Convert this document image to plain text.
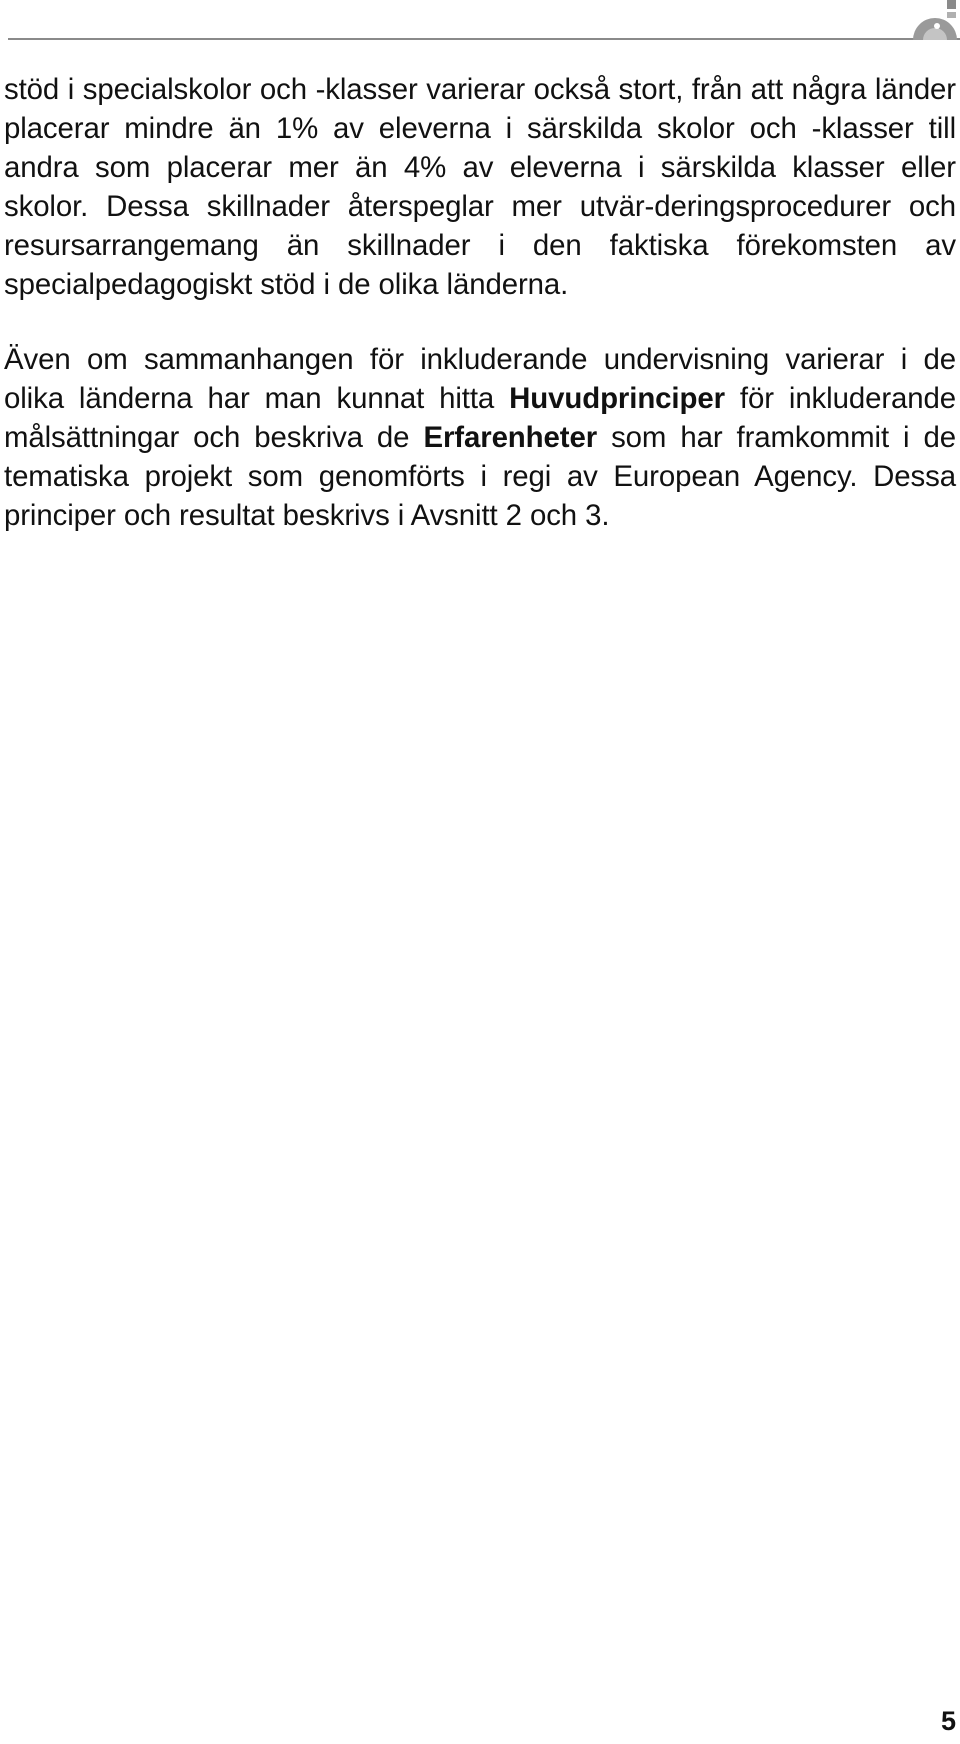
stöd i specialskolor och -klasser varierar också stort, från att några länder placerar mindre än 1% av eleverna i särskilda skolor och -klasser till andra som placerar mer än 4% av eleverna i särskilda klasser eller skolor. Dessa skillnader återspeglar mer utvär-deringsprocedurer och resursarrangemang än skillnader i den faktiska förekomsten av specialpedagogiskt stöd i de olika länderna.

Även om sammanhangen för inkluderande undervisning varierar i de olika länderna har man kunnat hitta Huvudprinciper för inkluderande målsättningar och beskriva de Erfarenheter som har framkommit i de tematiska projekt som genomförts i regi av European Agency. Dessa principer och resultat beskrivs i Avsnitt 2 och 3.

5
